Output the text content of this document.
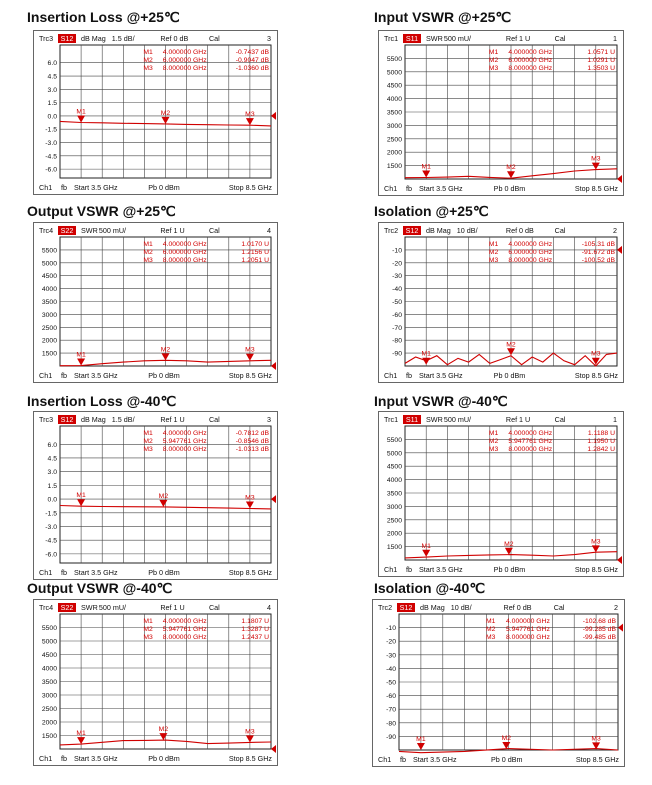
Insertion Loss @+25℃	Input VSWR @+25℃
Output VSWR @+25℃	Isolation @+25℃
Insertion Loss @-40℃	Input VSWR @-40℃
Output VSWR @-40℃	Isolation @-40℃
Trc3 S12 dB Mag 1.5 dB/	Ref 0 dB	Cal	3
6.0
4.5
3.0
1.5
0.0
-1.5
-3.0
-4.5
-6.0
M1 4.000000 GHz	-0.7437 dB
M2 6.000000 GHz	-0.9047 dB
M3 8.000000 GHz	-1.0360 dB
M1	M2	M3
Ch1 fb Start 3.5 GHz	Pb 0 dBm	Stop 8.5 GHz
Trc1 S11 SWR 500 mU/	Ref 1 U	Cal	1
5500
5000
4500
4000
3500
3000
2500
2000
1500
M1 4.000000 GHz	1.0571 U
M2 6.000000 GHz	1.0291 U
M3 8.000000 GHz	1.3503 U
M1	M2
M3
Ch1 fb Start 3.5 GHz	Pb 0 dBm	Stop 8.5 GHz
Trc4 S22 SWR 500 mU/	Ref 1 U	Cal	4
5500
5000
4500
4000
3500
3000
2500
2000
1500
M1 4.000000 GHz	1.0170 U
M2 6.000000 GHz	1.2156 U
M3 8.000000 GHz	1.2051 U
M1
M2	M3
Ch1 fb Start 3.5 GHz	Pb 0 dBm	Stop 8.5 GHz
Trc2 S12 dB Mag 10 dB/	Ref 0 dB	Cal	2
-10
-20
-30
-40
-50
-60
-70
-80
-90
M1 4.000000 GHz	-105.31 dB
M2 6.000000 GHz	-91.672 dB
M3 8.000000 GHz	-100.52 dB
M1
M2
M3
Ch1 fb Start 3.5 GHz	Pb 0 dBm	Stop 8.5 GHz
Trc3 S12 dB Mag 1.5 dB/	Ref 1 U	Cal	3
6.0
4.5
3.0
1.5
0.0
-1.5
-3.0
-4.5
-6.0
M1 4.000000 GHz	-0.7812 dB
M2 5.947761 GHz	-0.8546 dB
M3 8.000000 GHz	-1.0313 dB
M1	M2	M3
Ch1 fb Start 3.5 GHz	Pb 0 dBm	Stop 8.5 GHz
Trc1 S11 SWR 500 mU/	Ref 1 U	Cal	1
5500
5000
4500
4000
3500
3000
2500
2000
1500
M1 4.000000 GHz	1.1188 U
M2 5.947761 GHz	1.1950 U
M3 8.000000 GHz	1.2842 U
M1	M2	M3
Ch1 fb Start 3.5 GHz	Pb 0 dBm	Stop 8.5 GHz
Trc4 S22 SWR 500 mU/	Ref 1 U	Cal	4
5500
5000
4500
4000
3500
3000
2500
2000
1500
M1 4.000000 GHz	1.1807 U
M2 5.947761 GHz	1.3287 U
M3 8.000000 GHz	1.2437 U
M1
M2	M3
Ch1 fb Start 3.5 GHz	Pb 0 dBm	Stop 8.5 GHz
Trc2 S12 dB Mag 10 dB/	Ref 0 dB	Cal	2
-10
-20
-30
-40
-50
-60
-70
-80
-90
M1 4.000000 GHz	-102.68 dB
M2 5.947761 GHz	-99.285 dB
M3 8.000000 GHz	-99.485 dB
M1	M2	M3
Ch1 fb Start 3.5 GHz	Pb 0 dBm	Stop 8.5 GHz
